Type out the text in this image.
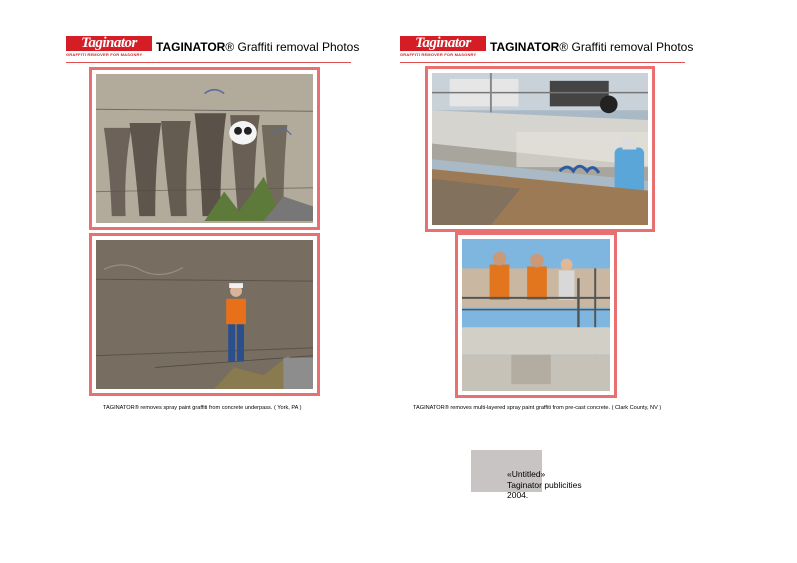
Taginator
GRAFFITI REMOVER FOR MASONRY
TAGINATOR® Graffiti removal Photos
TAGINATOR® removes spray paint graffiti from concrete underpass. ( York, PA )
Taginator
GRAFFITI REMOVER FOR MASONRY
TAGINATOR® Graffiti removal Photos
TAGINATOR® removes multi-layered spray paint graffiti from pre-cast concrete. ( Clark County, NV )
«Untitled»
Taginator publicities
2004.
